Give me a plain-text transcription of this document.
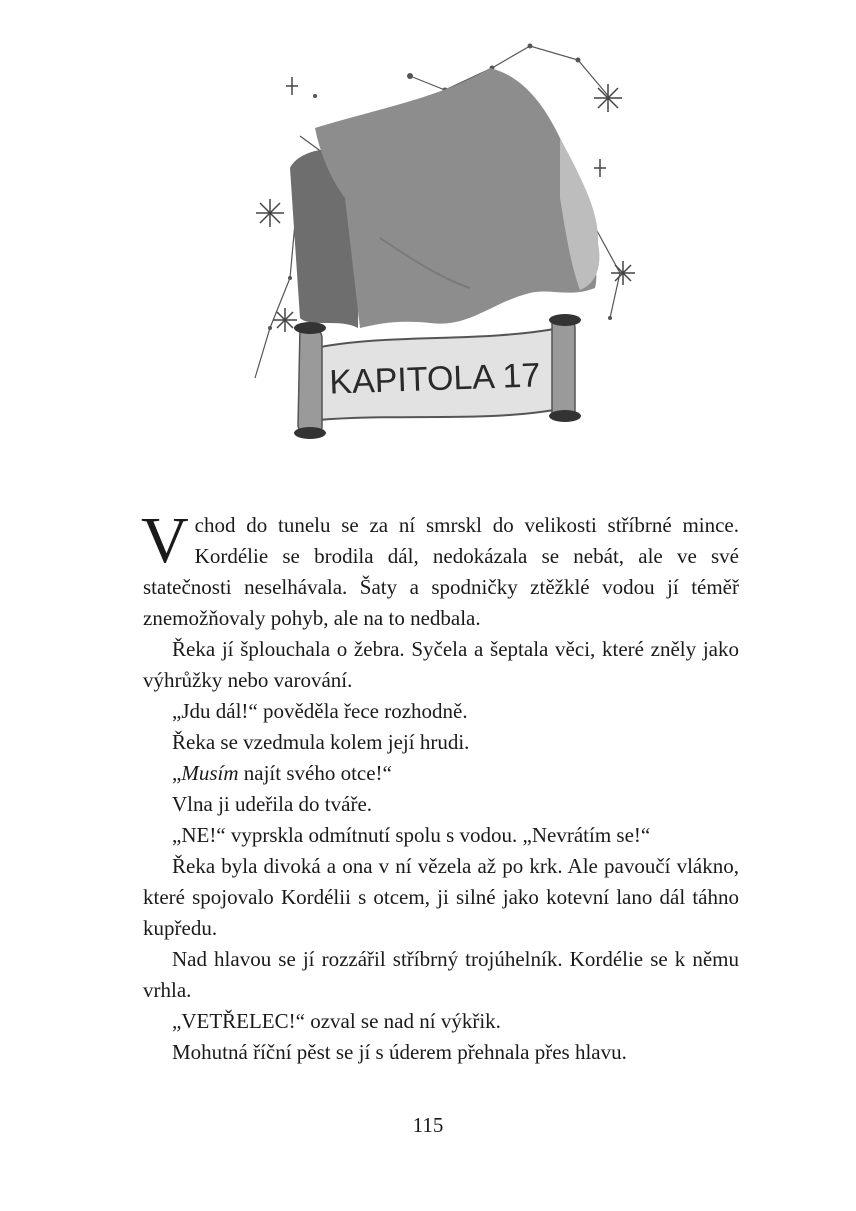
KAPITOLA 17

Vchod do tunelu se za ní smrskl do velikosti stříbrné mince. Kordélie se brodila dál, nedokázala se nebát, ale ve své statečnosti neselhávala. Šaty a spodničky ztěžklé vodou jí téměř znemožňovaly pohyb, ale na to nedbala.

Řeka jí šplouchala o žebra. Syčela a šeptala věci, které zněly jako výhrůžky nebo varování.

„Jdu dál!“ pověděla řece rozhodně.

Řeka se vzedmula kolem její hrudi.

„Musím najít svého otce!“

Vlna ji udeřila do tváře.

„NE!“ vyprskla odmítnutí spolu s vodou. „Nevrátím se!“

Řeka byla divoká a ona v ní vězela až po krk. Ale pavoučí vlákno, které spojovalo Kordélii s otcem, ji silné jako kotevní lano dál táhno kupředu.

Nad hlavou se jí rozzářil stříbrný trojúhelník. Kordélie se k němu vrhla.

„VETŘELEC!“ ozval se nad ní výkřik.

Mohutná říční pěst se jí s úderem přehnala přes hlavu.

115
